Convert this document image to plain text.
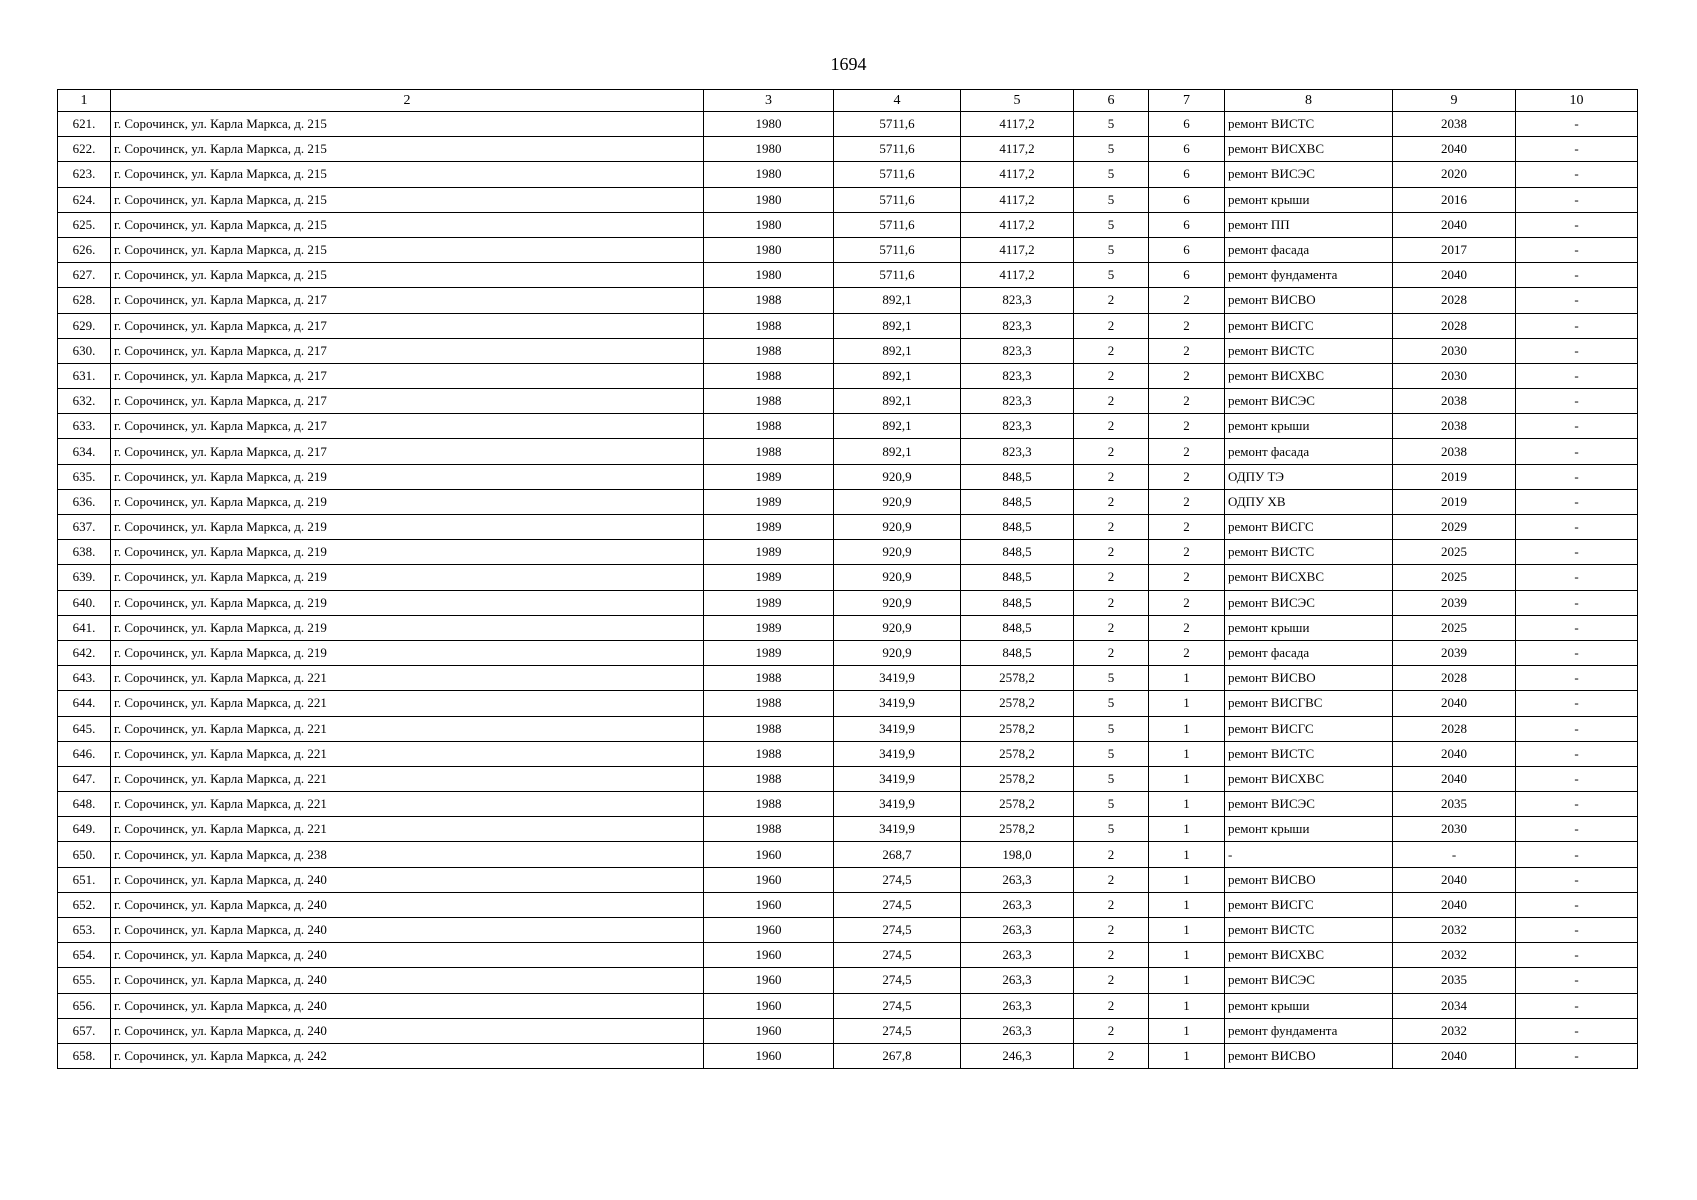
1694
1	2	3	4	5	6	7	8	9	10
621.	г. Сорочинск, ул. Карла Маркса, д. 215	1980	5711,6	4117,2	5	6	ремонт ВИСТС	2038	-
622.	г. Сорочинск, ул. Карла Маркса, д. 215	1980	5711,6	4117,2	5	6	ремонт ВИСХВС	2040	-
623.	г. Сорочинск, ул. Карла Маркса, д. 215	1980	5711,6	4117,2	5	6	ремонт ВИСЭС	2020	-
624.	г. Сорочинск, ул. Карла Маркса, д. 215	1980	5711,6	4117,2	5	6	ремонт крыши	2016	-
625.	г. Сорочинск, ул. Карла Маркса, д. 215	1980	5711,6	4117,2	5	6	ремонт ПП	2040	-
626.	г. Сорочинск, ул. Карла Маркса, д. 215	1980	5711,6	4117,2	5	6	ремонт фасада	2017	-
627.	г. Сорочинск, ул. Карла Маркса, д. 215	1980	5711,6	4117,2	5	6	ремонт фундамента	2040	-
628.	г. Сорочинск, ул. Карла Маркса, д. 217	1988	892,1	823,3	2	2	ремонт ВИСВО	2028	-
629.	г. Сорочинск, ул. Карла Маркса, д. 217	1988	892,1	823,3	2	2	ремонт ВИСГС	2028	-
630.	г. Сорочинск, ул. Карла Маркса, д. 217	1988	892,1	823,3	2	2	ремонт ВИСТС	2030	-
631.	г. Сорочинск, ул. Карла Маркса, д. 217	1988	892,1	823,3	2	2	ремонт ВИСХВС	2030	-
632.	г. Сорочинск, ул. Карла Маркса, д. 217	1988	892,1	823,3	2	2	ремонт ВИСЭС	2038	-
633.	г. Сорочинск, ул. Карла Маркса, д. 217	1988	892,1	823,3	2	2	ремонт крыши	2038	-
634.	г. Сорочинск, ул. Карла Маркса, д. 217	1988	892,1	823,3	2	2	ремонт фасада	2038	-
635.	г. Сорочинск, ул. Карла Маркса, д. 219	1989	920,9	848,5	2	2	ОДПУ ТЭ	2019	-
636.	г. Сорочинск, ул. Карла Маркса, д. 219	1989	920,9	848,5	2	2	ОДПУ ХВ	2019	-
637.	г. Сорочинск, ул. Карла Маркса, д. 219	1989	920,9	848,5	2	2	ремонт ВИСГС	2029	-
638.	г. Сорочинск, ул. Карла Маркса, д. 219	1989	920,9	848,5	2	2	ремонт ВИСТС	2025	-
639.	г. Сорочинск, ул. Карла Маркса, д. 219	1989	920,9	848,5	2	2	ремонт ВИСХВС	2025	-
640.	г. Сорочинск, ул. Карла Маркса, д. 219	1989	920,9	848,5	2	2	ремонт ВИСЭС	2039	-
641.	г. Сорочинск, ул. Карла Маркса, д. 219	1989	920,9	848,5	2	2	ремонт крыши	2025	-
642.	г. Сорочинск, ул. Карла Маркса, д. 219	1989	920,9	848,5	2	2	ремонт фасада	2039	-
643.	г. Сорочинск, ул. Карла Маркса, д. 221	1988	3419,9	2578,2	5	1	ремонт ВИСВО	2028	-
644.	г. Сорочинск, ул. Карла Маркса, д. 221	1988	3419,9	2578,2	5	1	ремонт ВИСГВС	2040	-
645.	г. Сорочинск, ул. Карла Маркса, д. 221	1988	3419,9	2578,2	5	1	ремонт ВИСГС	2028	-
646.	г. Сорочинск, ул. Карла Маркса, д. 221	1988	3419,9	2578,2	5	1	ремонт ВИСТС	2040	-
647.	г. Сорочинск, ул. Карла Маркса, д. 221	1988	3419,9	2578,2	5	1	ремонт ВИСХВС	2040	-
648.	г. Сорочинск, ул. Карла Маркса, д. 221	1988	3419,9	2578,2	5	1	ремонт ВИСЭС	2035	-
649.	г. Сорочинск, ул. Карла Маркса, д. 221	1988	3419,9	2578,2	5	1	ремонт крыши	2030	-
650.	г. Сорочинск, ул. Карла Маркса, д. 238	1960	268,7	198,0	2	1	-	-	-
651.	г. Сорочинск, ул. Карла Маркса, д. 240	1960	274,5	263,3	2	1	ремонт ВИСВО	2040	-
652.	г. Сорочинск, ул. Карла Маркса, д. 240	1960	274,5	263,3	2	1	ремонт ВИСГС	2040	-
653.	г. Сорочинск, ул. Карла Маркса, д. 240	1960	274,5	263,3	2	1	ремонт ВИСТС	2032	-
654.	г. Сорочинск, ул. Карла Маркса, д. 240	1960	274,5	263,3	2	1	ремонт ВИСХВС	2032	-
655.	г. Сорочинск, ул. Карла Маркса, д. 240	1960	274,5	263,3	2	1	ремонт ВИСЭС	2035	-
656.	г. Сорочинск, ул. Карла Маркса, д. 240	1960	274,5	263,3	2	1	ремонт крыши	2034	-
657.	г. Сорочинск, ул. Карла Маркса, д. 240	1960	274,5	263,3	2	1	ремонт фундамента	2032	-
658.	г. Сорочинск, ул. Карла Маркса, д. 242	1960	267,8	246,3	2	1	ремонт ВИСВО	2040	-
